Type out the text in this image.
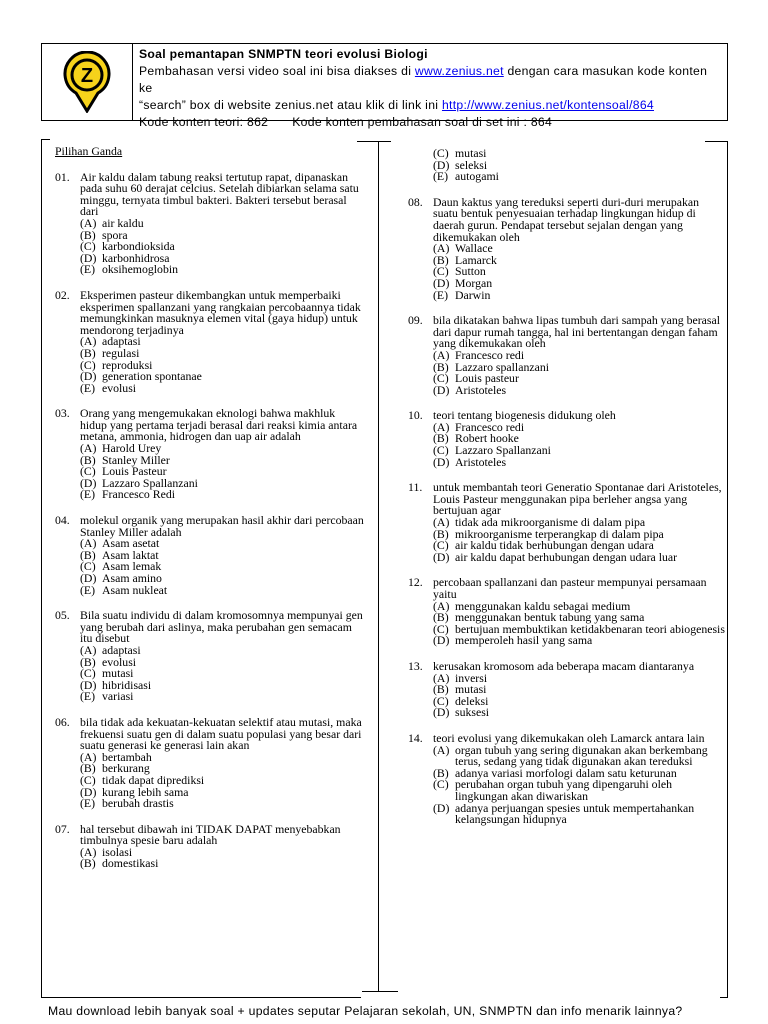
Z
Soal pemantapan SNMPTN teori evolusi Biologi
Pembahasan versi video soal ini bisa diakses di www.zenius.net dengan cara masukan kode konten ke
“search” box di website zenius.net atau klik di link ini http://www.zenius.net/kontensoal/864
Kode konten teori: 862 Kode konten pembahasan soal di set ini : 864
Pilihan Ganda
01. Air kaldu dalam tabung reaksi tertutup rapat, dipanaskan pada suhu 60 derajat celcius. Setelah dibiarkan selama satu minggu, ternyata timbul bakteri. Bakteri tersebut berasal dari
(A) air kaldu
(B) spora
(C) karbondioksida
(D) karbonhidrosa
(E) oksihemoglobin
02. Eksperimen pasteur dikembangkan untuk memperbaiki eksperimen spallanzani yang rangkaian percobaannya tidak memungkinkan masuknya elemen vital (gaya hidup) untuk mendorong terjadinya
(A) adaptasi
(B) regulasi
(C) reproduksi
(D) generation spontanae
(E) evolusi
03. Orang yang mengemukakan eknologi bahwa makhluk hidup yang pertama terjadi berasal dari reaksi kimia antara metana, ammonia, hidrogen dan uap air adalah
(A) Harold Urey
(B) Stanley Miller
(C) Louis Pasteur
(D) Lazzaro Spallanzani
(E) Francesco Redi
04. molekul organik yang merupakan hasil akhir dari percobaan Stanley Miller adalah
(A) Asam asetat
(B) Asam laktat
(C) Asam lemak
(D) Asam amino
(E) Asam nukleat
05. Bila suatu individu di dalam kromosomnya mempunyai gen yang berubah dari aslinya, maka perubahan gen semacam itu disebut
(A) adaptasi
(B) evolusi
(C) mutasi
(D) hibridisasi
(E) variasi
06. bila tidak ada kekuatan-kekuatan selektif atau mutasi, maka frekuensi suatu gen di dalam suatu populasi yang besar dari suatu generasi ke generasi lain akan
(A) bertambah
(B) berkurang
(C) tidak dapat diprediksi
(D) kurang lebih sama
(E) berubah drastis
07. hal tersebut dibawah ini TIDAK DAPAT menyebabkan timbulnya spesie baru adalah
(A) isolasi
(B) domestikasi
(C) mutasi
(D) seleksi
(E) autogami
08. Daun kaktus yang tereduksi seperti duri-duri merupakan suatu bentuk penyesuaian terhadap lingkungan hidup di daerah gurun. Pendapat tersebut sejalan dengan yang dikemukakan oleh
(A) Wallace
(B) Lamarck
(C) Sutton
(D) Morgan
(E) Darwin
09. bila dikatakan bahwa lipas tumbuh dari sampah yang berasal dari dapur rumah tangga, hal ini bertentangan dengan faham yang dikemukakan oleh
(A) Francesco redi
(B) Lazzaro spallanzani
(C) Louis pasteur
(D) Aristoteles
10. teori tentang biogenesis didukung oleh
(A) Francesco redi
(B) Robert hooke
(C) Lazzaro Spallanzani
(D) Aristoteles
11. untuk membantah teori Generatio Spontanae dari Aristoteles, Louis Pasteur menggunakan pipa berleher angsa yang bertujuan agar
(A) tidak ada mikroorganisme di dalam pipa
(B) mikroorganisme terperangkap di dalam pipa
(C) air kaldu tidak berhubungan dengan udara
(D) air kaldu dapat berhubungan dengan udara luar
12. percobaan spallanzani dan pasteur mempunyai persamaan yaitu
(A) menggunakan kaldu sebagai medium
(B) menggunakan bentuk tabung yang sama
(C) bertujuan membuktikan ketidakbenaran teori abiogenesis
(D) memperoleh hasil yang sama
13. kerusakan kromosom ada beberapa macam diantaranya
(A) inversi
(B) mutasi
(C) deleksi
(D) suksesi
14. teori evolusi yang dikemukakan oleh Lamarck antara lain
(A) organ tubuh yang sering digunakan akan berkembang terus, sedang yang tidak digunakan akan tereduksi
(B) adanya variasi morfologi dalam satu keturunan
(C) perubahan organ tubuh yang dipengaruhi oleh lingkungan akan diwariskan
(D) adanya perjuangan spesies untuk mempertahankan kelangsungan hidupnya
Mau download lebih banyak soal + updates seputar Pelajaran sekolah, UN, SNMPTN dan info menarik lainnya?
